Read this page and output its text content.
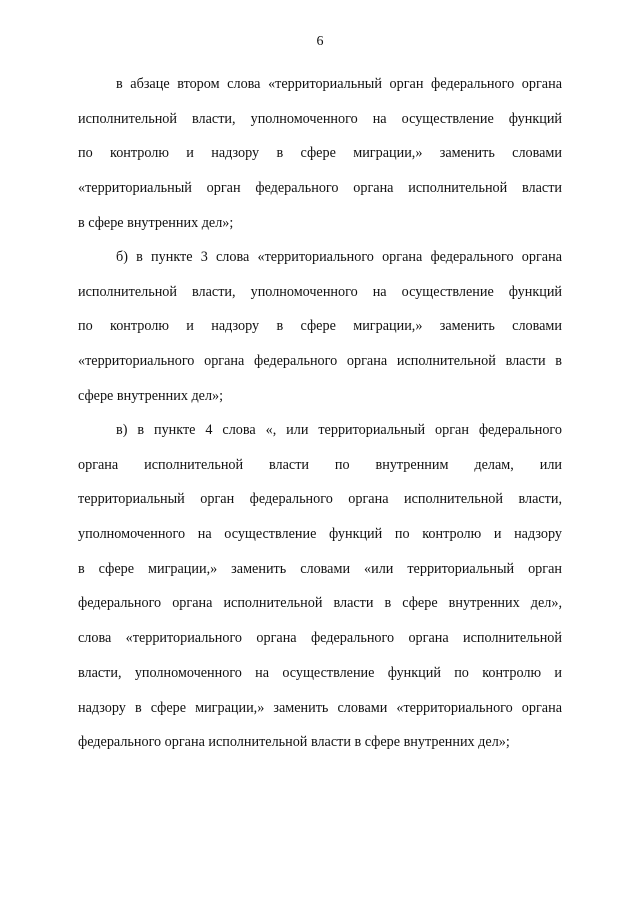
6
в абзаце втором слова «территориальный орган федерального органа
исполнительной власти, уполномоченного на осуществление функций
по контролю и надзору в сфере миграции,» заменить словами
«территориальный орган федерального органа исполнительной власти
в сфере внутренних дел»;
б) в пункте 3 слова «территориального органа федерального органа
исполнительной власти, уполномоченного на осуществление функций
по контролю и надзору в сфере миграции,» заменить словами
«территориального органа федерального органа исполнительной власти в
сфере внутренних дел»;
в) в пункте 4 слова «, или территориальный орган федерального
органа исполнительной власти по внутренним делам, или
территориальный орган федерального органа исполнительной власти,
уполномоченного на осуществление функций по контролю и надзору
в сфере миграции,» заменить словами «или территориальный орган
федерального органа исполнительной власти в сфере внутренних дел»,
слова «территориального органа федерального органа исполнительной
власти, уполномоченного на осуществление функций по контролю и
надзору в сфере миграции,» заменить словами «территориального органа
федерального органа исполнительной власти в сфере внутренних дел»;
